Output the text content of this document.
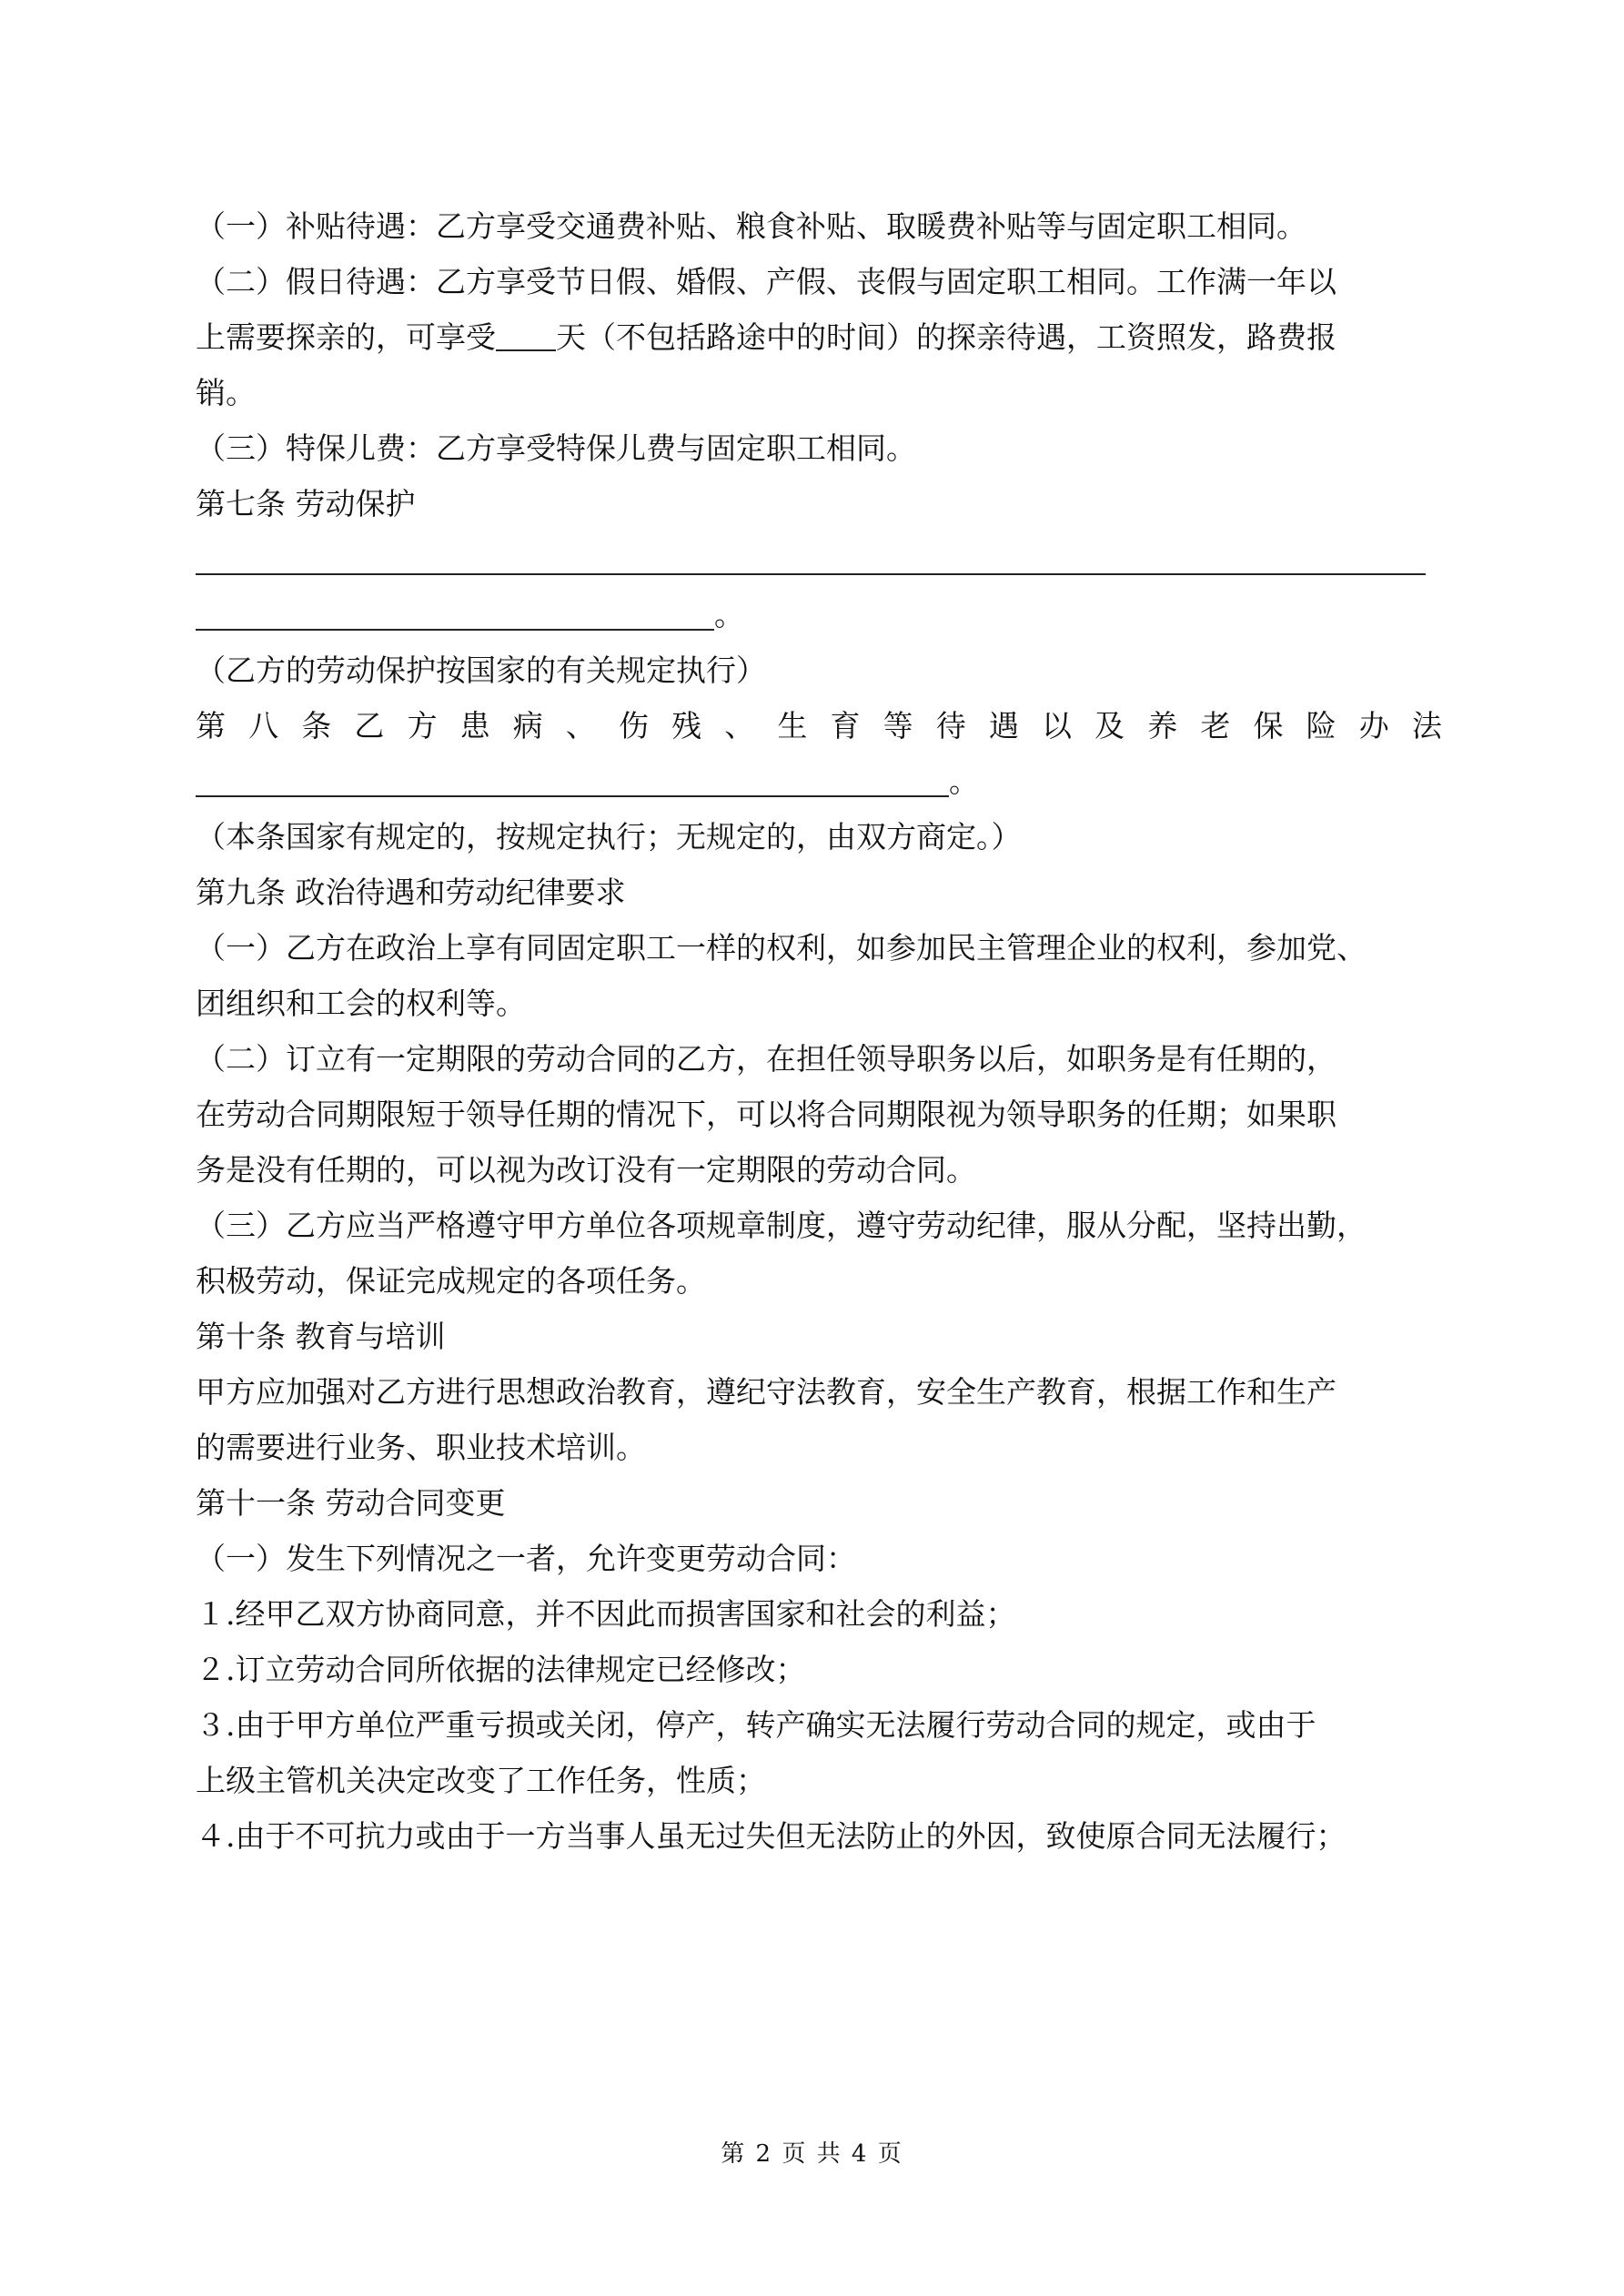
（一）补贴待遇：乙方享受交通费补贴、粮食补贴、取暖费补贴等与固定职工相同。
（二）假日待遇：乙方享受节日假、婚假、产假、丧假与固定职工相同。工作满一年以
上需要探亲的，可享受 天（不包括路途中的时间）的探亲待遇，工资照发，路费报
销。
（三）特保儿费：乙方享受特保儿费与固定职工相同。
第七条 劳动保护
。
（乙方的劳动保护按国家的有关规定执行）
第 八 条 乙 方 患 病 、 伤 残 、 生 育 等 待 遇 以 及 养 老 保 险 办 法
。
（本条国家有规定的，按规定执行；无规定的，由双方商定。）
第九条 政治待遇和劳动纪律要求
（一）乙方在政治上享有同固定职工一样的权利，如参加民主管理企业的权利，参加党、
团组织和工会的权利等。
（二）订立有一定期限的劳动合同的乙方，在担任领导职务以后，如职务是有任期的，
在劳动合同期限短于领导任期的情况下，可以将合同期限视为领导职务的任期；如果职
务是没有任期的，可以视为改订没有一定期限的劳动合同。
（三）乙方应当严格遵守甲方单位各项规章制度，遵守劳动纪律，服从分配，坚持出勤，
积极劳动，保证完成规定的各项任务。
第十条 教育与培训
甲方应加强对乙方进行思想政治教育，遵纪守法教育，安全生产教育，根据工作和生产
的需要进行业务、职业技术培训。
第十一条 劳动合同变更
（一）发生下列情况之一者，允许变更劳动合同：
１.经甲乙双方协商同意，并不因此而损害国家和社会的利益；
２.订立劳动合同所依据的法律规定已经修改；
３.由于甲方单位严重亏损或关闭，停产，转产确实无法履行劳动合同的规定，或由于
上级主管机关决定改变了工作任务，性质；
４.由于不可抗力或由于一方当事人虽无过失但无法防止的外因，致使原合同无法履行；
第 2 页 共 4 页
